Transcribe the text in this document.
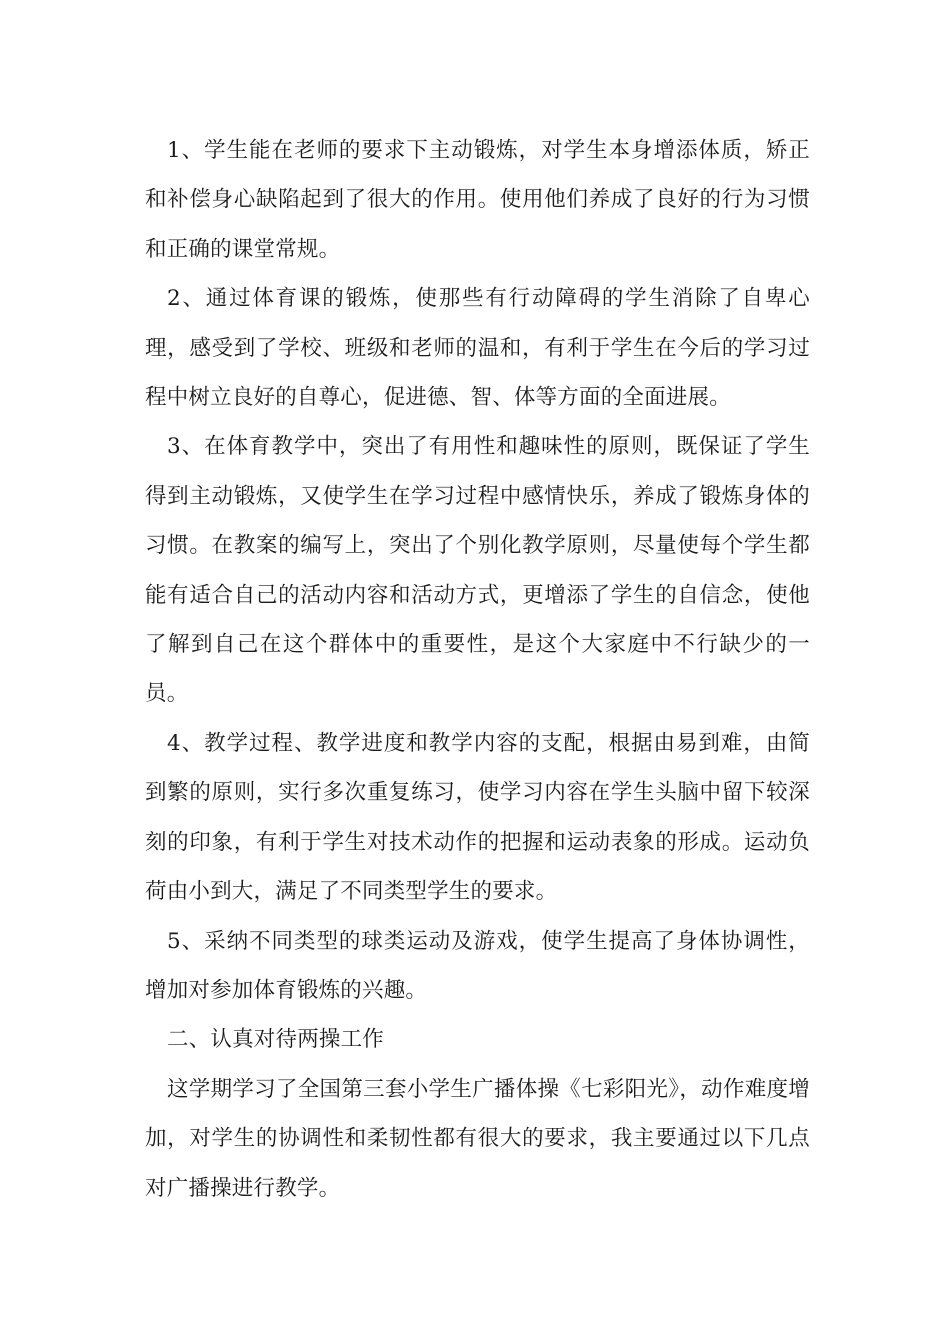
1、学生能在老师的要求下主动锻炼，对学生本身增添体质，矫正和补偿身心缺陷起到了很大的作用。使用他们养成了良好的行为习惯和正确的课堂常规。

2、通过体育课的锻炼，使那些有行动障碍的学生消除了自卑心理，感受到了学校、班级和老师的温和，有利于学生在今后的学习过程中树立良好的自尊心，促进德、智、体等方面的全面进展。

3、在体育教学中，突出了有用性和趣味性的原则，既保证了学生得到主动锻炼，又使学生在学习过程中感情快乐，养成了锻炼身体的习惯。在教案的编写上，突出了个别化教学原则，尽量使每个学生都能有适合自己的活动内容和活动方式，更增添了学生的自信念，使他了解到自己在这个群体中的重要性，是这个大家庭中不行缺少的一员。

4、教学过程、教学进度和教学内容的支配，根据由易到难，由简到繁的原则，实行多次重复练习，使学习内容在学生头脑中留下较深刻的印象，有利于学生对技术动作的把握和运动表象的形成。运动负荷由小到大，满足了不同类型学生的要求。

5、采纳不同类型的球类运动及游戏，使学生提高了身体协调性，增加对参加体育锻炼的兴趣。

二、认真对待两操工作

这学期学习了全国第三套小学生广播体操《七彩阳光》，动作难度增加，对学生的协调性和柔韧性都有很大的要求，我主要通过以下几点对广播操进行教学。
